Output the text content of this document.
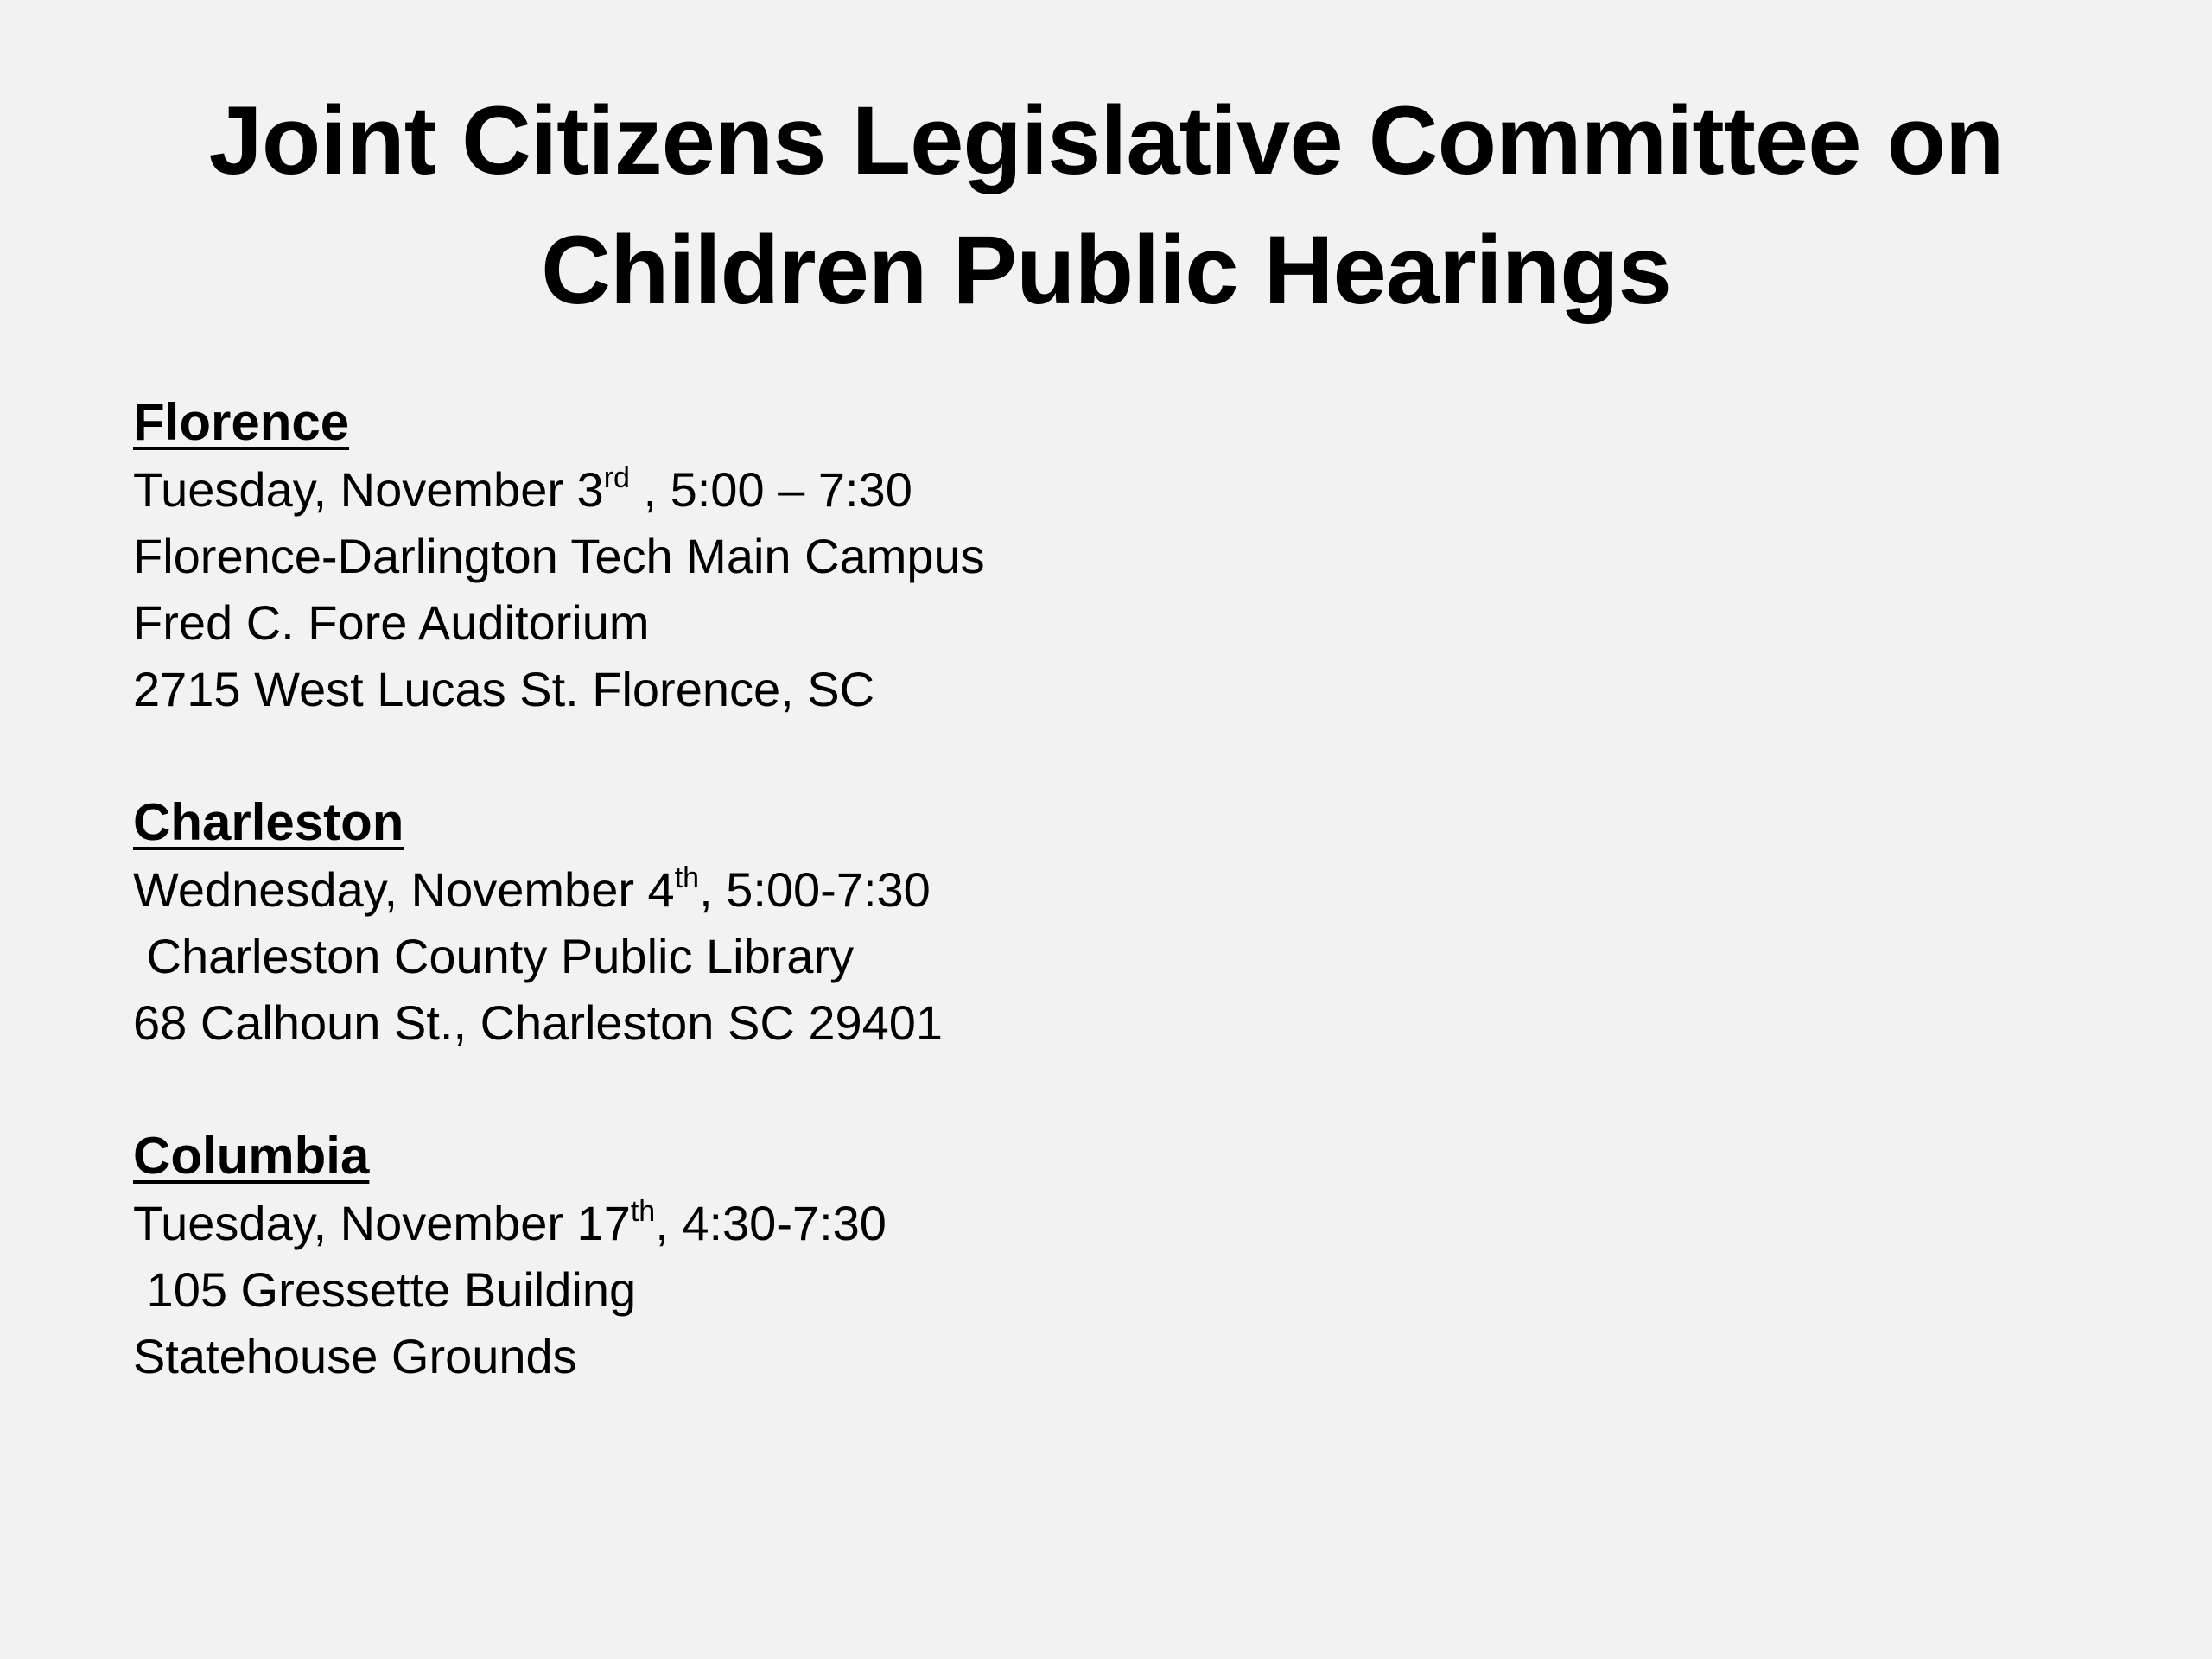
Joint Citizens Legislative Committee on
Children Public Hearings
Florence
Tuesday, November 3rd , 5:00 – 7:30
Florence-Darlington Tech Main Campus
Fred C. Fore Auditorium
2715 West Lucas St. Florence, SC
Charleston
Wednesday, November 4th, 5:00-7:30
Charleston County Public Library
68 Calhoun St., Charleston SC 29401
Columbia
Tuesday, November 17th, 4:30-7:30
105 Gressette Building
Statehouse Grounds
